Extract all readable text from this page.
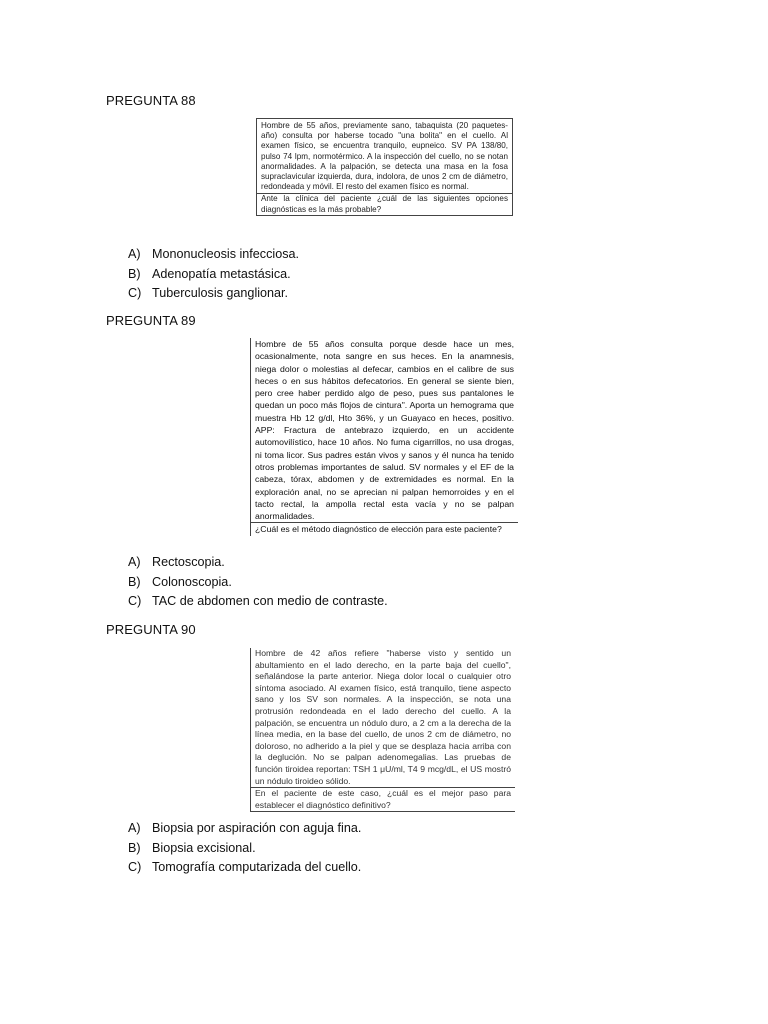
PREGUNTA 88
Hombre de 55 años, previamente sano, tabaquista (20 paquetes-año) consulta por haberse tocado "una bolita" en el cuello. Al examen físico, se encuentra tranquilo, eupneico. SV PA 138/80, pulso 74 lpm, normotérmico. A la inspección del cuello, no se notan anormalidades. A la palpación, se detecta una masa en la fosa supraclavicular izquierda, dura, indolora, de unos 2 cm de diámetro, redondeada y móvil. El resto del examen físico es normal.
Ante la clínica del paciente ¿cuál de las siguientes opciones diagnósticas es la más probable?
A) Mononucleosis infecciosa.
B) Adenopatía metastásica.
C) Tuberculosis ganglionar.
PREGUNTA 89
Hombre de 55 años consulta porque desde hace un mes, ocasionalmente, nota sangre en sus heces. En la anamnesis, niega dolor o molestias al defecar, cambios en el calibre de sus heces o en sus hábitos defecatorios. En general se siente bien, pero cree haber perdido algo de peso, pues sus pantalones le quedan un poco más flojos de cintura". Aporta un hemograma que muestra Hb 12 g/dl, Hto 36%, y un Guayaco en heces, positivo. APP: Fractura de antebrazo izquierdo, en un accidente automovilístico, hace 10 años. No fuma cigarrillos, no usa drogas, ni toma licor. Sus padres están vivos y sanos y él nunca ha tenido otros problemas importantes de salud. SV normales y el EF de la cabeza, tórax, abdomen y de extremidades es normal. En la exploración anal, no se aprecian ni palpan hemorroides y en el tacto rectal, la ampolla rectal esta vacía y no se palpan anormalidades.
¿Cuál es el método diagnóstico de elección para este paciente?
A) Rectoscopia.
B) Colonoscopia.
C) TAC de abdomen con medio de contraste.
PREGUNTA 90
Hombre de 42 años refiere "haberse visto y sentido un abultamiento en el lado derecho, en la parte baja del cuello", señalándose la parte anterior. Niega dolor local o cualquier otro síntoma asociado. Al examen físico, está tranquilo, tiene aspecto sano y los SV son normales. A la inspección, se nota una protrusión redondeada en el lado derecho del cuello. A la palpación, se encuentra un nódulo duro, a 2 cm a la derecha de la línea media, en la base del cuello, de unos 2 cm de diámetro, no doloroso, no adherido a la piel y que se desplaza hacia arriba con la deglución. No se palpan adenomegalias. Las pruebas de función tiroidea reportan: TSH 1 μU/ml, T4 9 mcg/dL, el US mostró un nódulo tiroideo sólido.
En el paciente de este caso, ¿cuál es el mejor paso para establecer el diagnóstico definitivo?
A) Biopsia por aspiración con aguja fina.
B) Biopsia excisional.
C) Tomografía computarizada del cuello.
